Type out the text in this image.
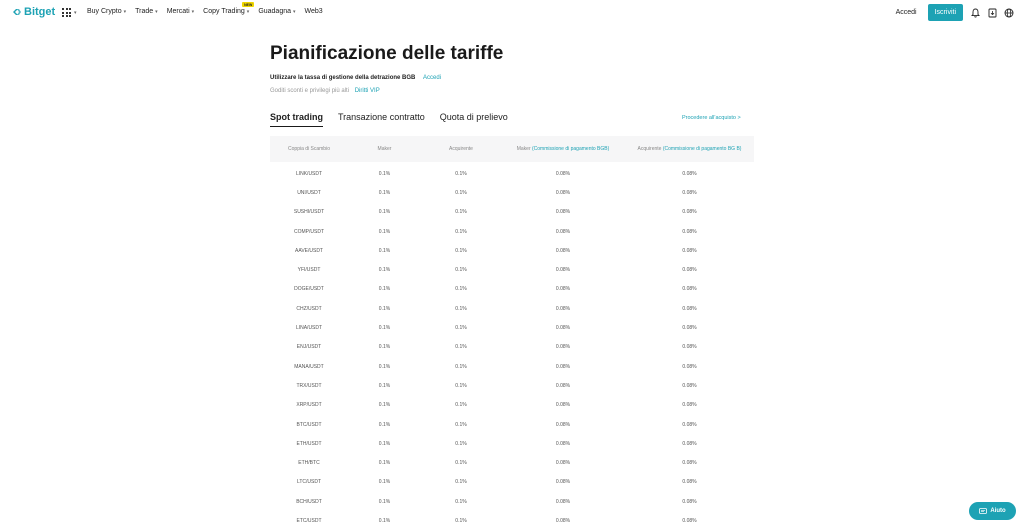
Bitget	▾ Buy Crypto ▾ Trade ▾ Mercati ▾ Copy Trading ▾
NEW
Guadagna ▾ Web3	Accedi	Iscriviti
Pianificazione delle tariffe
Utilizzare la tassa di gestione della detrazione BGB Accedi
Goditi sconti e privilegi più alti Diritti VIP
Spot trading Transazione contratto Quota di prelievo	Procedere all'acquisto >
Coppia di Scambio	Maker	Acquirente	Maker (Commissione di pagamento BGB)	Acquirente (Commissione di pagamento BG B)
LINK/USDT	0.1%	0.1%	0.08%	0.08%
UNI/USDT	0.1%	0.1%	0.08%	0.08%
SUSHI/USDT	0.1%	0.1%	0.08%	0.08%
COMP/USDT	0.1%	0.1%	0.08%	0.08%
AAVE/USDT	0.1%	0.1%	0.08%	0.08%
YFI/USDT	0.1%	0.1%	0.08%	0.08%
DOGE/USDT	0.1%	0.1%	0.08%	0.08%
CHZ/USDT	0.1%	0.1%	0.08%	0.08%
LINA/USDT	0.1%	0.1%	0.08%	0.08%
ENJ/USDT	0.1%	0.1%	0.08%	0.08%
MANA/USDT	0.1%	0.1%	0.08%	0.08%
TRX/USDT	0.1%	0.1%	0.08%	0.08%
XRP/USDT	0.1%	0.1%	0.08%	0.08%
BTC/USDT	0.1%	0.1%	0.08%	0.08%
ETH/USDT	0.1%	0.1%	0.08%	0.08%
ETH/BTC	0.1%	0.1%	0.08%	0.08%
LTC/USDT	0.1%	0.1%	0.08%	0.08%
BCH/USDT	0.1%	0.1%	0.08%	0.08%
ETC/USDT	0.1%	0.1%	0.08%	0.08%
Aiuto
